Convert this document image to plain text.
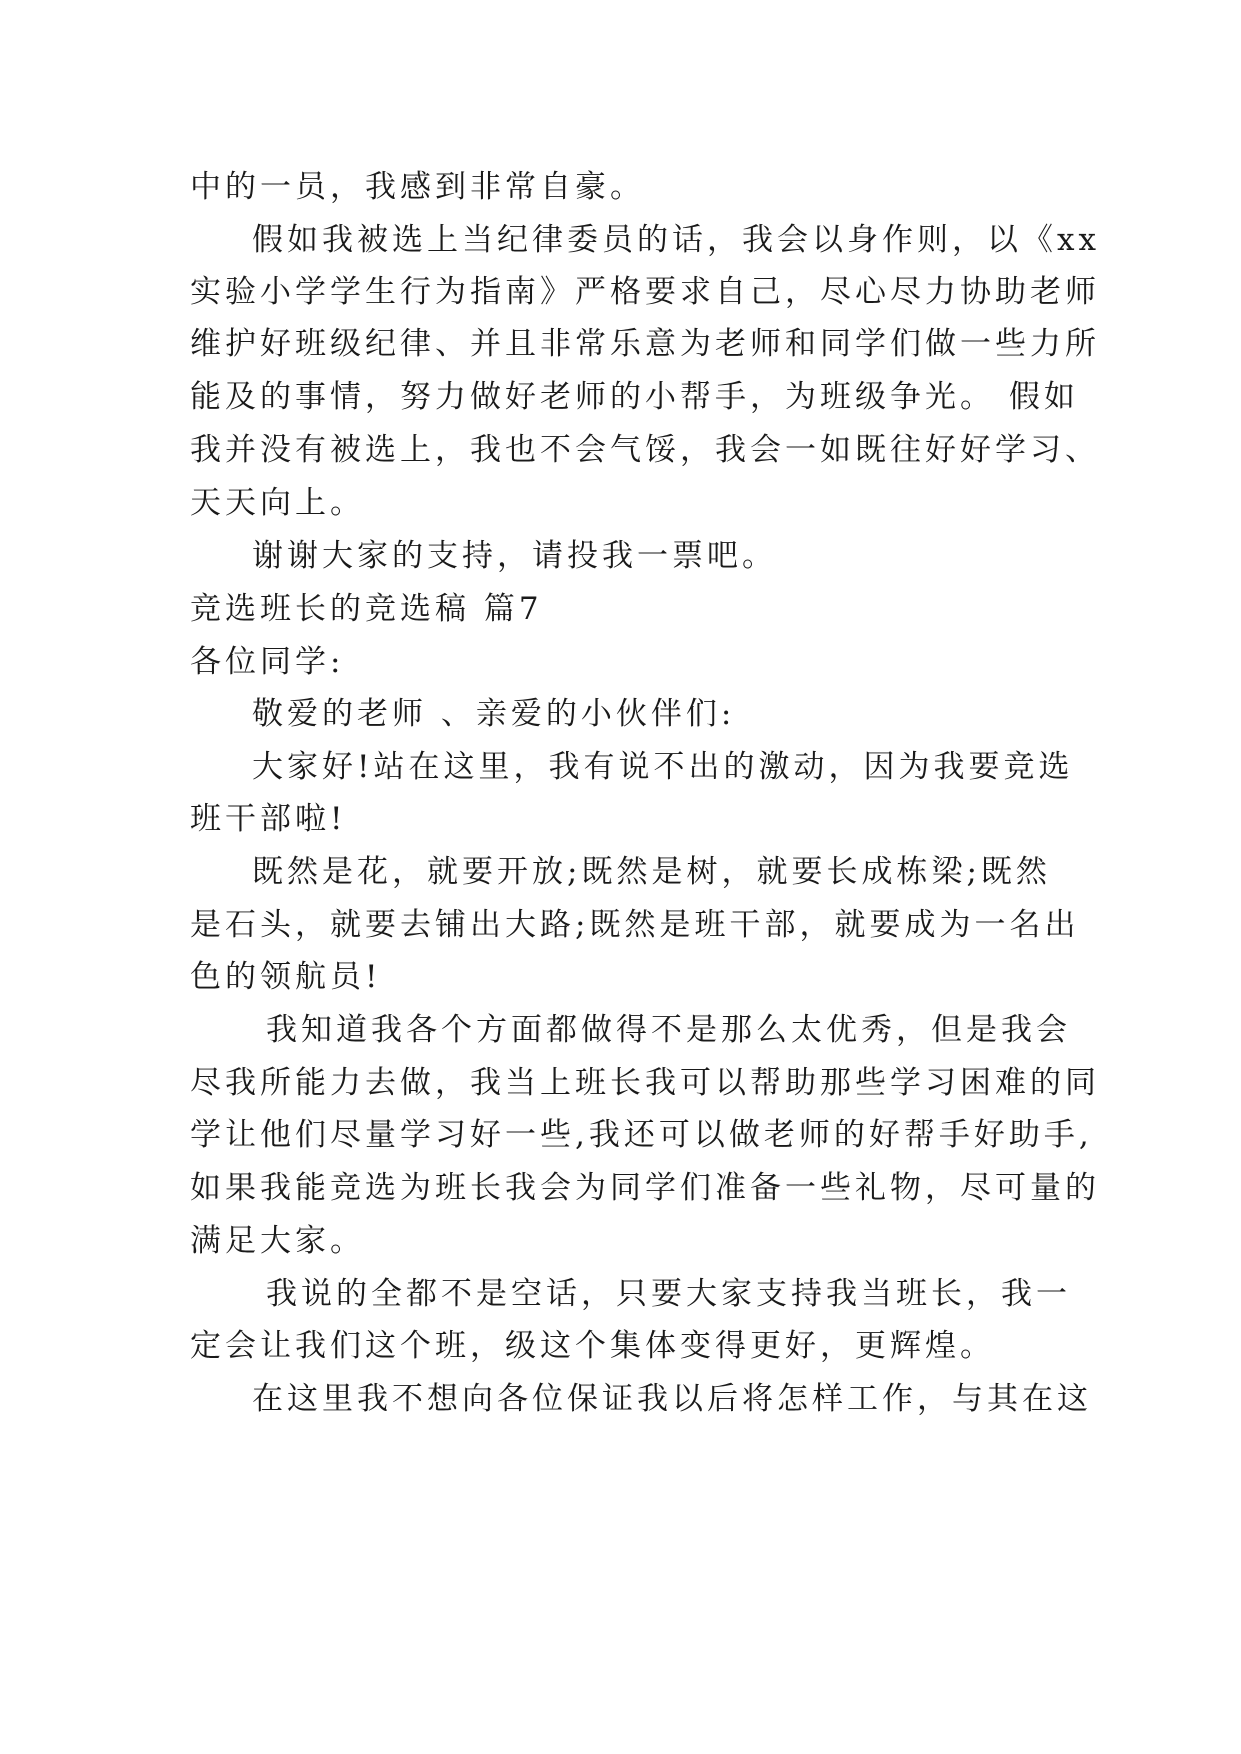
中的一员，我感到非常自豪。
假如我被选上当纪律委员的话，我会以身作则，以《xx
实验小学学生行为指南》严格要求自己，尽心尽力协助老师
维护好班级纪律、并且非常乐意为老师和同学们做一些力所
能及的事情，努力做好老师的小帮手，为班级争光。 假如
我并没有被选上，我也不会气馁，我会一如既往好好学习、
天天向上。
谢谢大家的支持，请投我一票吧。
竞选班长的竞选稿 篇7
各位同学:
敬爱的老师 、亲爱的小伙伴们:
大家好!站在这里，我有说不出的激动，因为我要竞选
班干部啦!
既然是花，就要开放;既然是树，就要长成栋梁;既然
是石头，就要去铺出大路;既然是班干部，就要成为一名出
色的领航员!
我知道我各个方面都做得不是那么太优秀，但是我会
尽我所能力去做，我当上班长我可以帮助那些学习困难的同
学让他们尽量学习好一些,我还可以做老师的好帮手好助手,
如果我能竞选为班长我会为同学们准备一些礼物，尽可量的
满足大家。
我说的全都不是空话，只要大家支持我当班长，我一
定会让我们这个班，级这个集体变得更好，更辉煌。
在这里我不想向各位保证我以后将怎样工作，与其在这
